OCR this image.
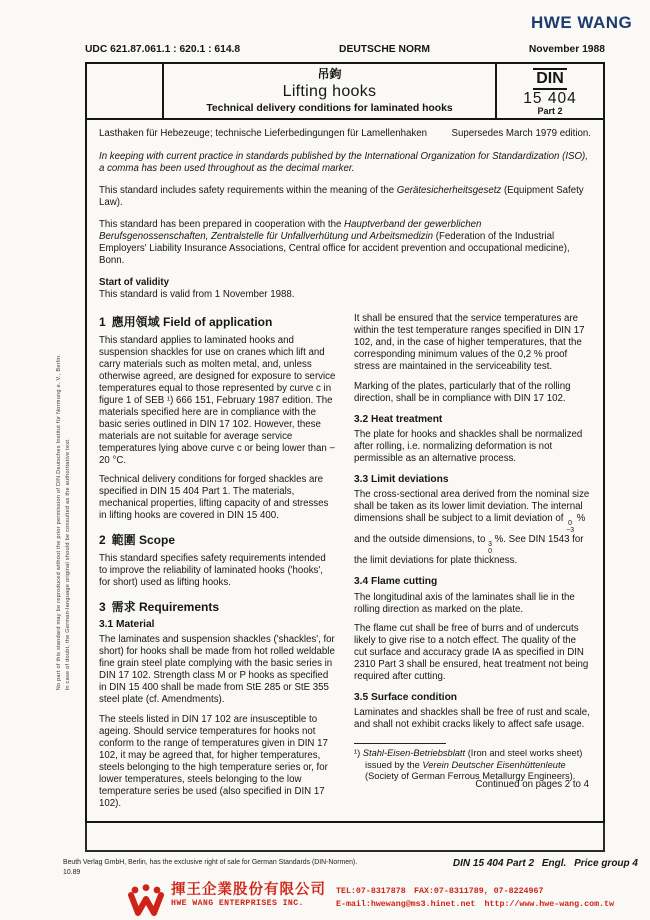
HWE WANG
UDC 621.87.061.1 : 620.1 : 614.8	DEUTSCHE NORM	November 1988
吊鉤
Lifting hooks
Technical delivery conditions for laminated hooks
DIN
15 404
Part 2
Lasthaken für Hebezeuge; technische Lieferbedingungen für Lamellenhaken	Supersedes March 1979 edition.

In keeping with current practice in standards published by the International Organization for Standardization (ISO), a comma has been used throughout as the decimal marker.

This standard includes safety requirements within the meaning of the Gerätesicherheitsgesetz (Equipment Safety Law).

This standard has been prepared in cooperation with the Hauptverband der gewerblichen Berufsgenossenschaften, Zentralstelle für Unfallverhütung und Arbeitsmedizin (Federation of the Industrial Employers' Liability Insurance Associations, Central office for accident prevention and occupational medicine), Bonn.

Start of validity
This standard is valid from 1 November 1988.
1 應用領域 Field of application

This standard applies to laminated hooks and suspension shackles for use on cranes which lift and carry materials such as molten metal, and, unless otherwise agreed, are designed for exposure to service temperatures equal to those represented by curve c in figure 1 of SEB ¹) 666 151, February 1987 edition. The materials specified here are in compliance with the basic series outlined in DIN 17 102. However, these materials are not suitable for average service temperatures lying above curve c or being lower than − 20 °C.

Technical delivery conditions for forged shackles are specified in DIN 15 404 Part 1. The materials, mechanical properties, lifting capacity of and stresses in lifting hooks are covered in DIN 15 400.

2 範圍 Scope

This standard specifies safety requirements intended to improve the reliability of laminated hooks ('hooks', for short) used as lifting hooks.

3 需求 Requirements
3.1 Material

The laminates and suspension shackles ('shackles', for short) for hooks shall be made from hot rolled weldable fine grain steel plate complying with the basic series in DIN 17 102. Strength class M or P hooks as specified in DIN 15 400 shall be made from StE 285 or StE 355 steel plate (cf. Amendments).

The steels listed in DIN 17 102 are insusceptible to ageing. Should service temperatures for hooks not conform to the range of temperatures given in DIN 17 102, it may be agreed that, for higher temperatures, steels belonging to the high temperature series or, for lower temperatures, steels belonging to the low temperature series be used (also specified in DIN 17 102).

It shall be ensured that the service temperatures are within the test temperature ranges specified in DIN 17 102, and, in the case of higher temperatures, that the corresponding minimum values of the 0,2 % proof stress are maintained in the serviceability test.

Marking of the plates, particularly that of the rolling direction, shall be in compliance with DIN 17 102.

3.2 Heat treatment

The plate for hooks and shackles shall be normalized after rolling, i.e. normalizing deformation is not permissible as an alternative process.

3.3 Limit deviations

The cross-sectional area derived from the nominal size shall be taken as its lower limit deviation. The internal dimensions shall be subject to a limit deviation of 0
−3
% and the outside dimensions, to 3
0
%. See DIN 1543 for the limit deviations for plate thickness.

3.4 Flame cutting

The longitudinal axis of the laminates shall lie in the rolling direction as marked on the plate.

The flame cut shall be free of burrs and of undercuts likely to give rise to a notch effect. The quality of the cut surface and accuracy grade IA as specified in DIN 2310 Part 3 shall be ensured, heat treatment not being required after cutting.

3.5 Surface condition

Laminates and shackles shall be free of rust and scale, and shall not exhibit cracks likely to affect safe usage.

¹) Stahl-Eisen-Betriebsblatt (Iron and steel works sheet) issued by the Verein Deutscher Eisenhüttenleute (Society of German Ferrous Metallurgy Engineers).
Continued on pages 2 to 4
Beuth Verlag GmbH, Berlin, has the exclusive right of sale for German Standards (DIN-Normen).
10.89
DIN 15 404 Part 2  Engl.  Price group 4
揮王企業股份有限公司
HWE WANG ENTERPRISES INC.
TEL:07-8317878 FAX:07-8311789, 07-8224967
E-mail:hwewang@ms3.hinet.net  http://www.hwe-wang.com.tw
No part of this standard may be reproduced without the prior permission of DIN Deutsches Institut für Normung e. V., Berlin. In case of doubt, the German-language original should be consulted as the authoritative text.
